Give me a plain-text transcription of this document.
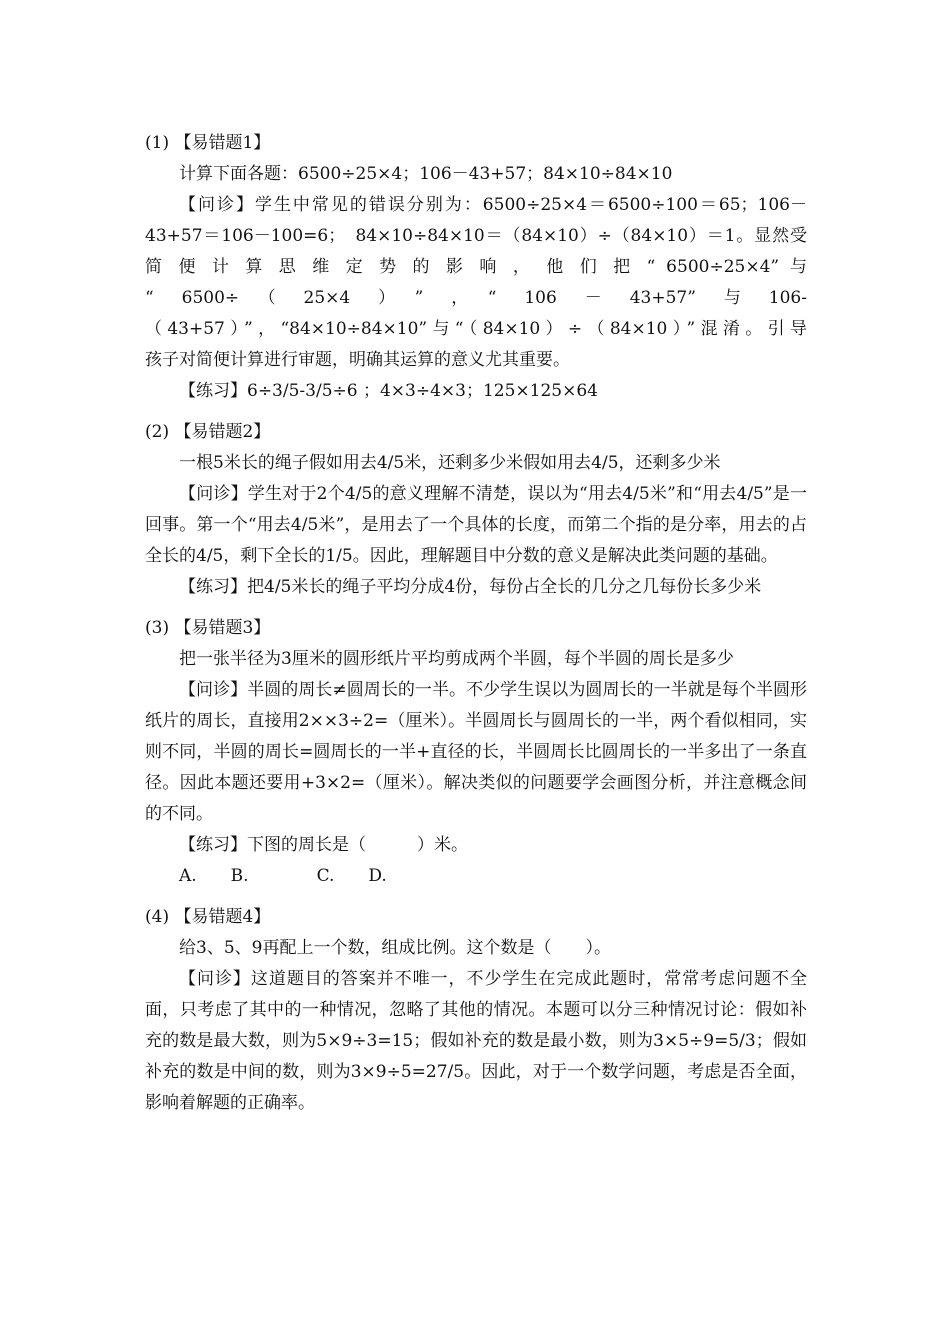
(1) 【易错题1】

计算下面各题：6500÷25×4；106－43+57；84×10÷84×10

【问诊】学生中常见的错误分别为：6500÷25×4＝6500÷100＝65；106－

43+57＝106－100=6；　84×10÷84×10＝（84×10）÷（84×10）＝1。显然受

简 便 计 算 思 维 定 势 的 影 响 ， 他 们 把 “ 6500÷25×4” 与

“　6500÷　（　25×4　）　”　，　“　106　－　43+57”　与　106-

（43+57）”，“84×10÷84×10”与“（84×10）÷（84×10）”混淆。引导

孩子对简便计算进行审题，明确其运算的意义尤其重要。

【练习】6÷3/5-3/5÷6 ；4×3÷4×3；125×125×64

(2) 【易错题2】

一根5米长的绳子假如用去4/5米，还剩多少米假如用去4/5，还剩多少米

【问诊】学生对于2个4/5的意义理解不清楚，误以为“用去4/5米”和“用去4/5”是一回事。第一个“用去4/5米”，是用去了一个具体的长度，而第二个指的是分率，用去的占全长的4/5，剩下全长的1/5。因此，理解题目中分数的意义是解决此类问题的基础。

【练习】把4/5米长的绳子平均分成4份，每份占全长的几分之几每份长多少米

(3) 【易错题3】

把一张半径为3厘米的圆形纸片平均剪成两个半圆，每个半圆的周长是多少

【问诊】半圆的周长≠圆周长的一半。不少学生误以为圆周长的一半就是每个半圆形纸片的周长，直接用2××3÷2=（厘米）。半圆周长与圆周长的一半，两个看似相同，实则不同，半圆的周长=圆周长的一半+直径的长，半圆周长比圆周长的一半多出了一条直径。因此本题还要用+3×2=（厘米）。解决类似的问题要学会画图分析，并注意概念间的不同。

【练习】下图的周长是（　　　）米。

A.　　B.　　　　C.　　D.

(4) 【易错题4】

给3、5、9再配上一个数，组成比例。这个数是（　　）。

【问诊】这道题目的答案并不唯一，不少学生在完成此题时，常常考虑问题不全面，只考虑了其中的一种情况，忽略了其他的情况。本题可以分三种情况讨论：假如补充的数是最大数，则为5×9÷3=15；假如补充的数是最小数，则为3×5÷9=5/3；假如补充的数是中间的数，则为3×9÷5=27/5。因此，对于一个数学问题，考虑是否全面，影响着解题的正确率。
